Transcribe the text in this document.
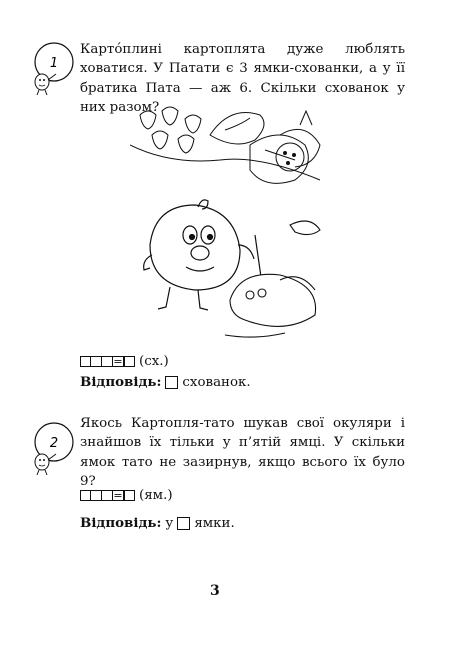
1
Картóплині картоплята дуже люблять ховатися. У Патати є 3 ямки-схованки, а у її братика Пата — аж 6. Скільки схованок у них разом?
= (сх.)
Відповідь: схованок.
2
Якось Картопля-тато шукав свої окуляри і знайшов їх тільки у п’ятій ямці. У скільки ямок тато не зазирнув, якщо всього їх було 9?
= (ям.)
Відповідь: у ямки.
3
